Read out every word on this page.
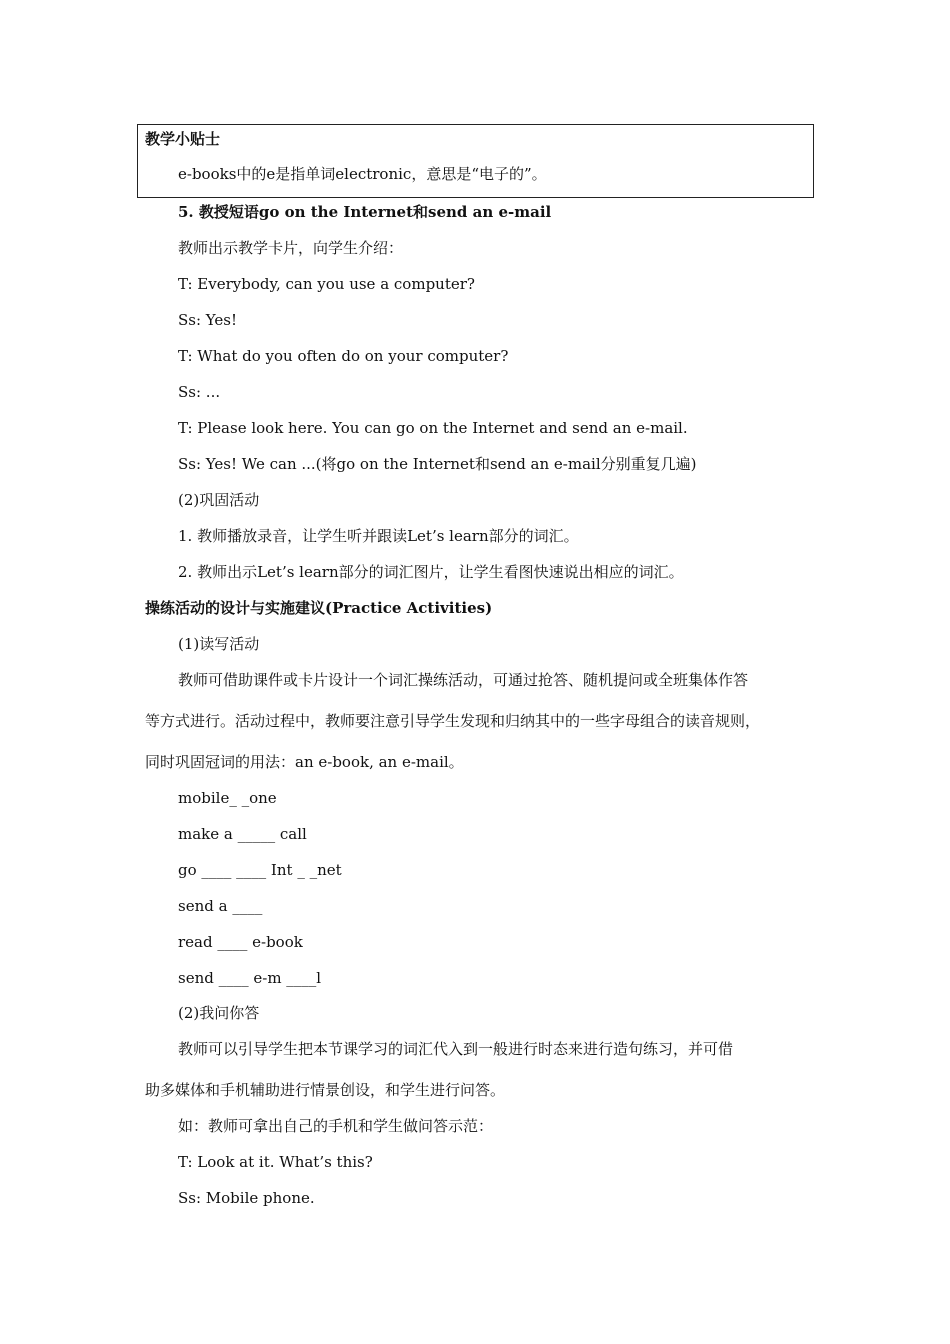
教学小贴士
e-books中的e是指单词electronic，意思是“电子的”。
5. 教授短语go on the Internet和send an e-mail
教师出示教学卡片，向学生介绍：
T: Everybody, can you use a computer?
Ss: Yes!
T: What do you often do on your computer?
Ss: ...
T: Please look here. You can go on the Internet and send an e-mail.
Ss: Yes! We can ...(将go on the Internet和send an e-mail分别重复几遍)
(2)巩固活动
1. 教师播放录音，让学生听并跟读Let’s learn部分的词汇。
2. 教师出示Let’s learn部分的词汇图片，让学生看图快速说出相应的词汇。
操练活动的设计与实施建议(Practice Activities)
(1)读写活动
教师可借助课件或卡片设计一个词汇操练活动，可通过抢答、随机提问或全班集体作答
等方式进行。活动过程中，教师要注意引导学生发现和归纳其中的一些字母组合的读音规则，
同时巩固冠词的用法：an e-book, an e-mail。
mobile_ _one
make a _____ call
go ____ ____ Int _ _net
send a ____
read ____ e-book
send ____ e-m ____l
(2)我问你答
教师可以引导学生把本节课学习的词汇代入到一般进行时态来进行造句练习，并可借
助多媒体和手机辅助进行情景创设，和学生进行问答。
如：教师可拿出自己的手机和学生做问答示范：
T: Look at it. What’s this?
Ss: Mobile phone.
